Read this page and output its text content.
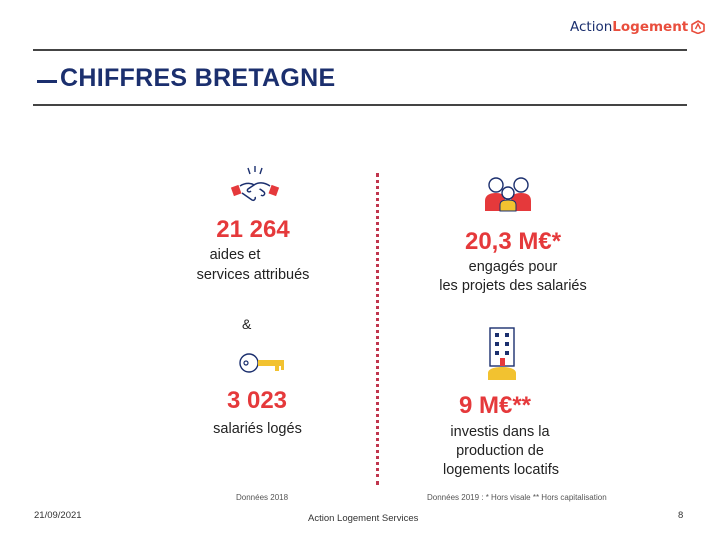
Action Logement
CHIFFRES BRETAGNE
21 264
aides et
services attribués
20,3 M€*
engagés pour
les projets des salariés
&
3 023
salariés logés
9 M€**
investis dans la
production de
logements locatifs
Données 2018	Données 2019 : * Hors visale ** Hors capitalisation
21/09/2021	Action Logement Services	8
